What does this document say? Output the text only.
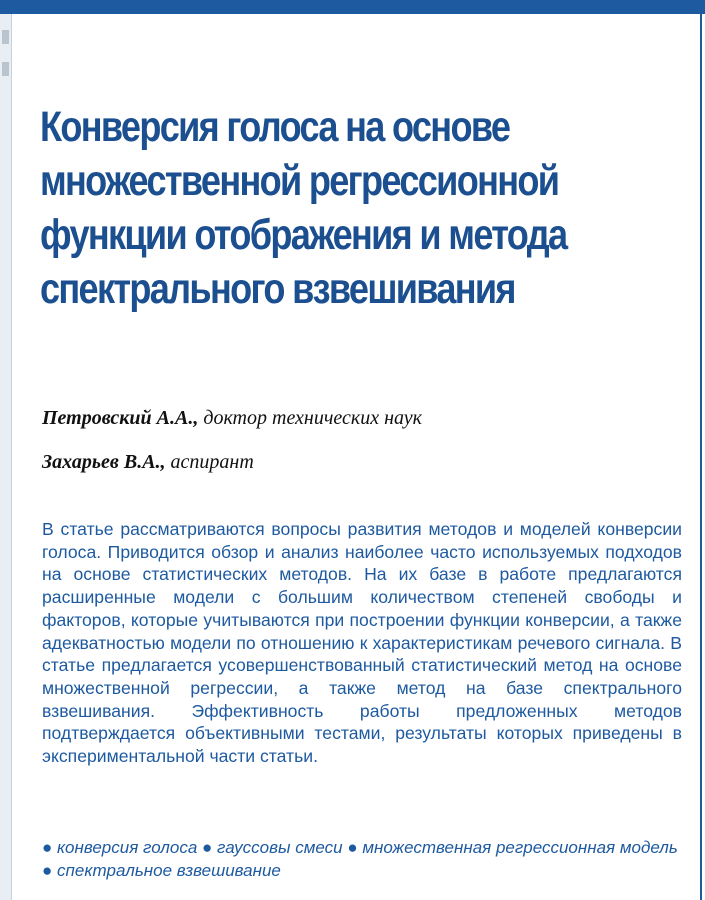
Конверсия голоса на основе
множественной регрессионной
функции отображения и метода
спектрального взвешивания
Петровский А.А., доктор технических наук
Захарьев В.А., аспирант

В статье рассматриваются вопросы развития методов и моделей конверсии голоса. Приводится обзор и анализ наиболее часто используемых подходов на основе статистических методов. На их базе в работе предлагаются расширенные модели с большим количеством степеней свободы и факторов, которые учитываются при построении функции конверсии, а также адекватностью модели по отношению к характеристикам речевого сигнала. В статье предлагается усовершенствованный статистический метод на основе множественной регрессии, а также метод на базе спектрального взвешивания. Эффективность работы предложенных методов подтверждается объективными тестами, результаты которых приведены в экспериментальной части статьи.

● конверсия голоса ● гауссовы смеси ● множественная регрессионная модель ● спектральное взвешивание
